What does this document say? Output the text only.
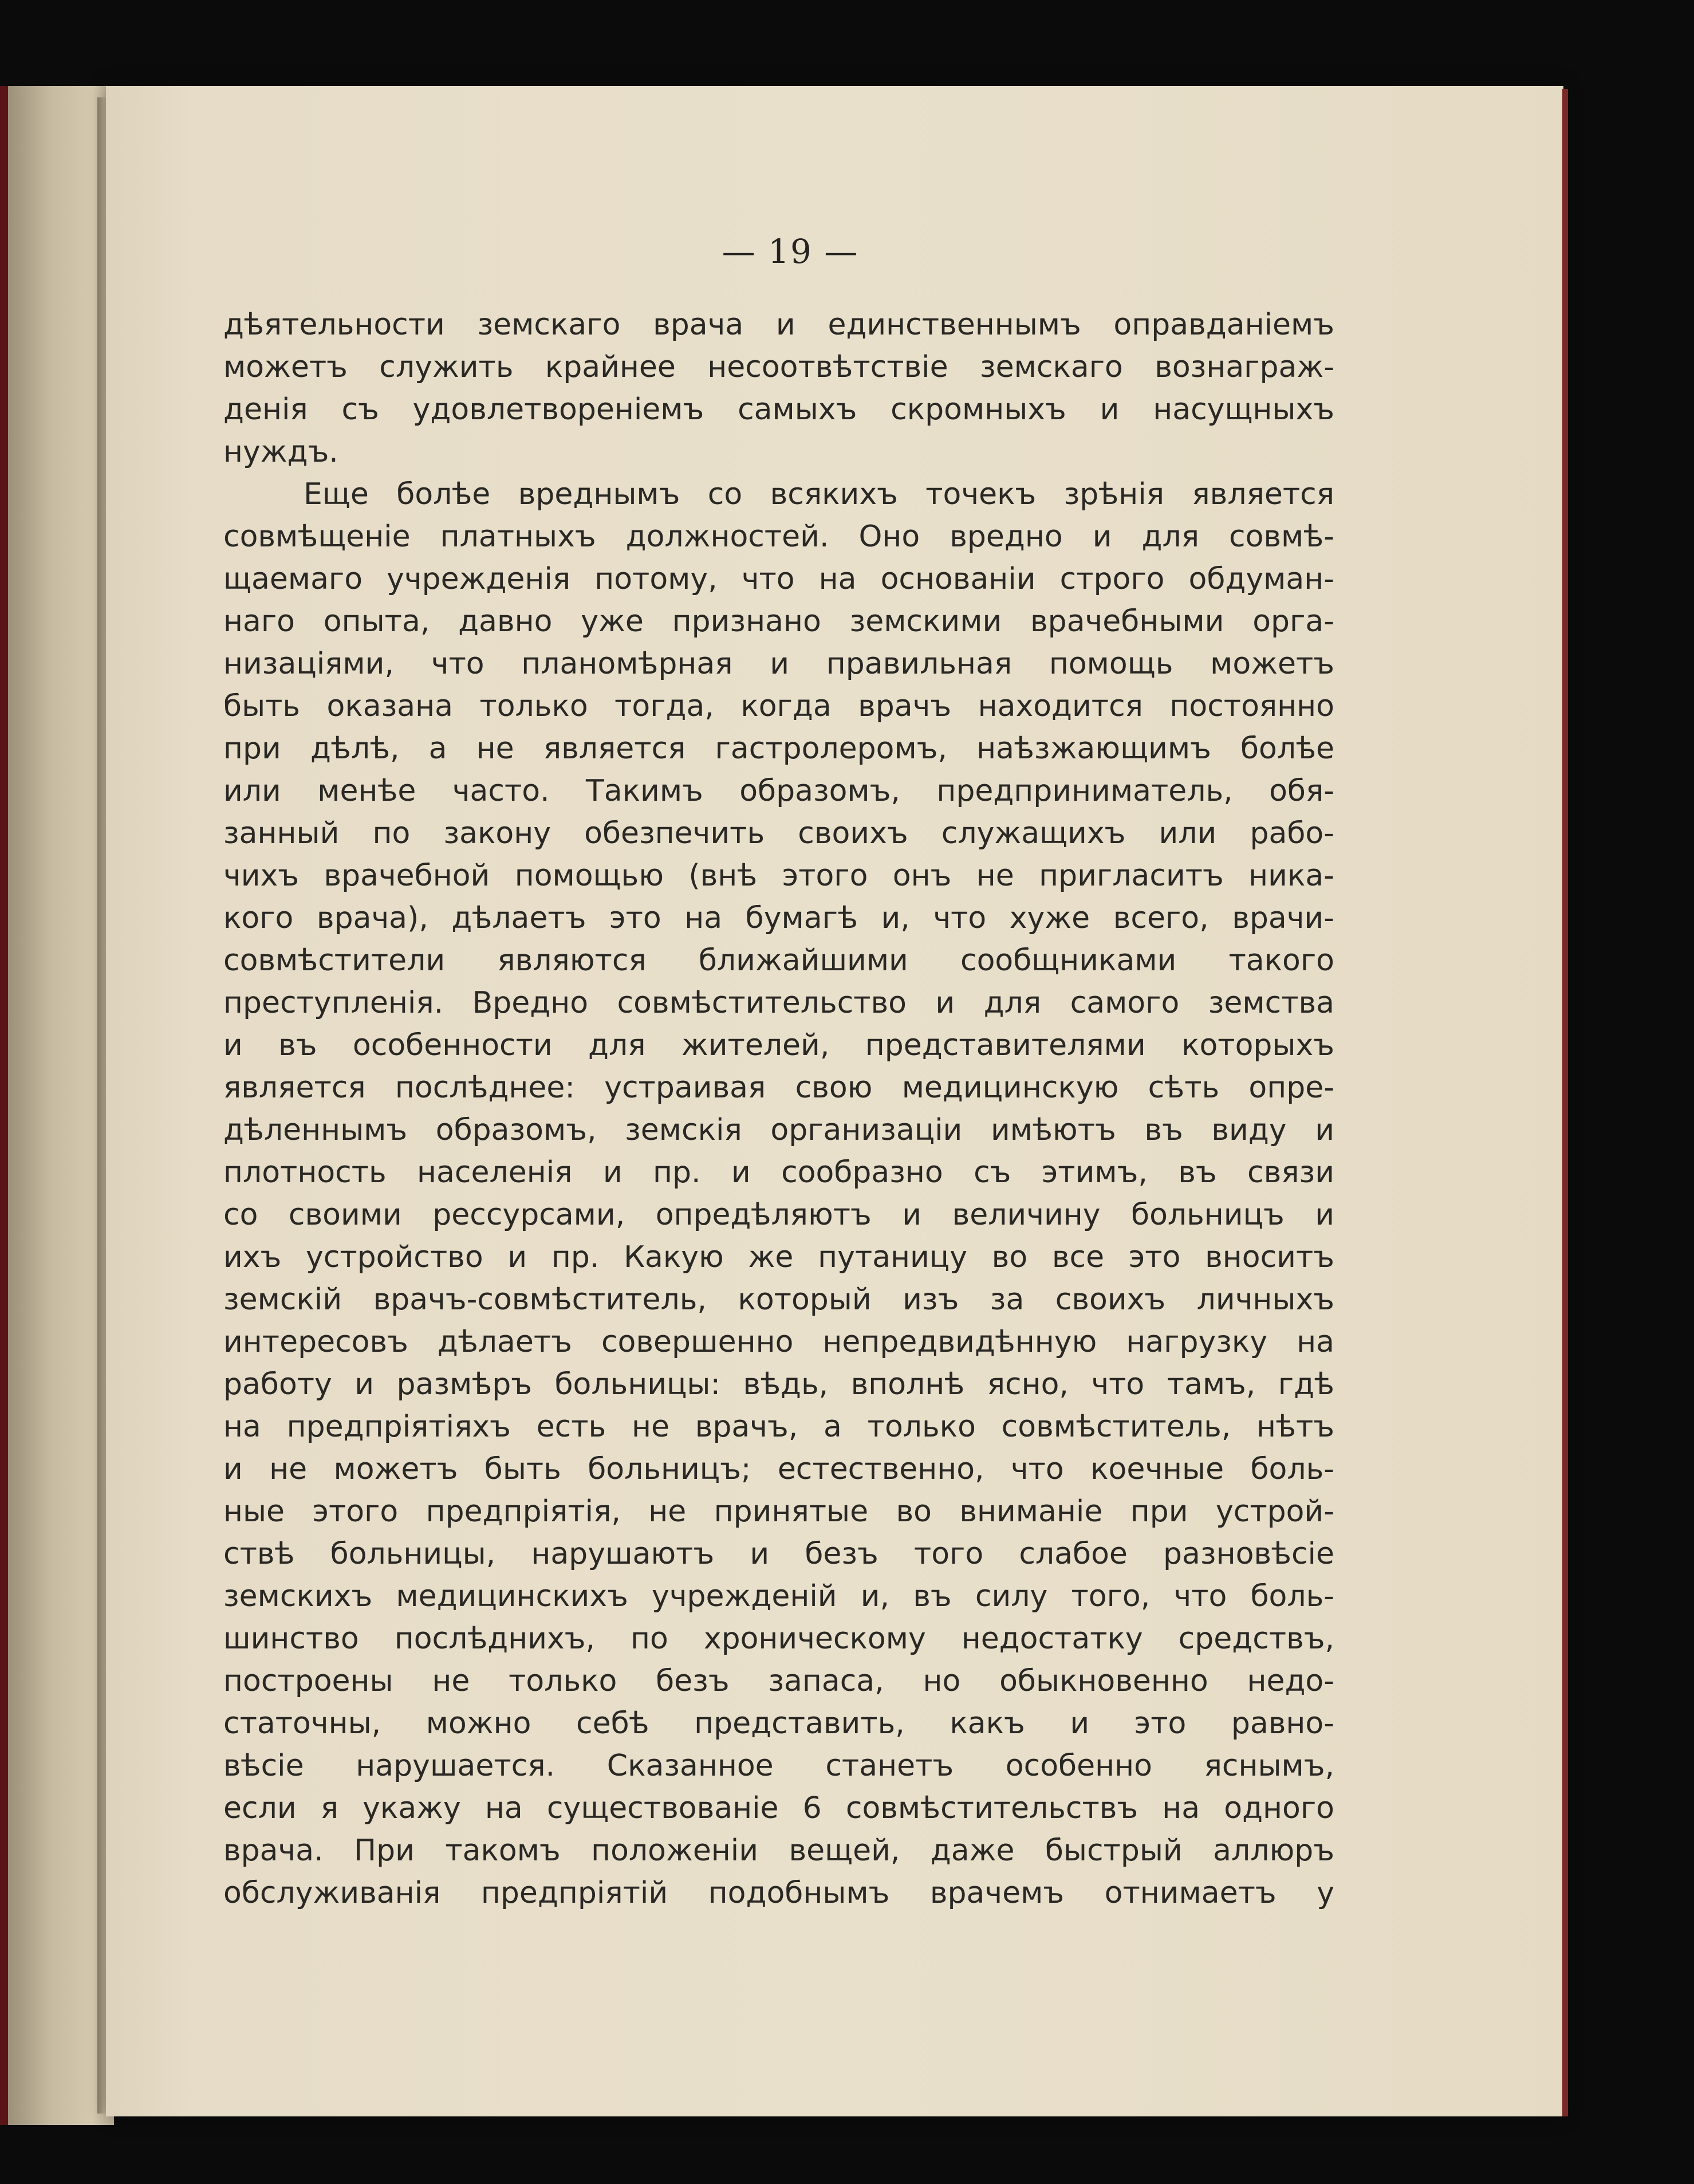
— 19 —
дѣятельности земскаго врача и единственнымъ оправданіемъ
можетъ служить крайнее несоотвѣтствіе земскаго вознаграж-
денія съ удовлетвореніемъ самыхъ скромныхъ и насущныхъ
нуждъ.
Еще болѣе вреднымъ со всякихъ точекъ зрѣнія является
совмѣщеніе платныхъ должностей. Оно вредно и для совмѣ-
щаемаго учрежденія потому, что на основаніи строго обдуман-
наго опыта, давно уже признано земскими врачебными орга-
низаціями, что планомѣрная и правильная помощь можетъ
быть оказана только тогда, когда врачъ находится постоянно
при дѣлѣ, а не является гастролеромъ, наѣзжающимъ болѣе
или менѣе часто. Такимъ образомъ, предприниматель, обя-
занный по закону обезпечить своихъ служащихъ или рабо-
чихъ врачебной помощью (внѣ этого онъ не пригласитъ ника-
кого врача), дѣлаетъ это на бумагѣ и, что хуже всего, врачи-
совмѣстители являются ближайшими сообщниками такого
преступленія. Вредно совмѣстительство и для самого земства
и въ особенности для жителей, представителями которыхъ
является послѣднее: устраивая свою медицинскую сѣть опре-
дѣленнымъ образомъ, земскія организаціи имѣютъ въ виду и
плотность населенія и пр. и сообразно съ этимъ, въ связи
со своими рессурсами, опредѣляютъ и величину больницъ и
ихъ устройство и пр. Какую же путаницу во все это вноситъ
земскій врачъ-совмѣститель, который изъ за своихъ личныхъ
интересовъ дѣлаетъ совершенно непредвидѣнную нагрузку на
работу и размѣръ больницы: вѣдь, вполнѣ ясно, что тамъ, гдѣ
на предпріятіяхъ есть не врачъ, а только совмѣститель, нѣтъ
и не можетъ быть больницъ; естественно, что коечные боль-
ные этого предпріятія, не принятые во вниманіе при устрой-
ствѣ больницы, нарушаютъ и безъ того слабое разновѣсіе
земскихъ медицинскихъ учрежденій и, въ силу того, что боль-
шинство послѣднихъ, по хроническому недостатку средствъ,
построены не только безъ запаса, но обыкновенно недо-
статочны, можно себѣ представить, какъ и это равно-
вѣсіе нарушается. Сказанное станетъ особенно яснымъ,
если я укажу на существованіе 6 совмѣстительствъ на одного
врача. При такомъ положеніи вещей, даже быстрый аллюръ
обслуживанія предпріятій подобнымъ врачемъ отнимаетъ у
